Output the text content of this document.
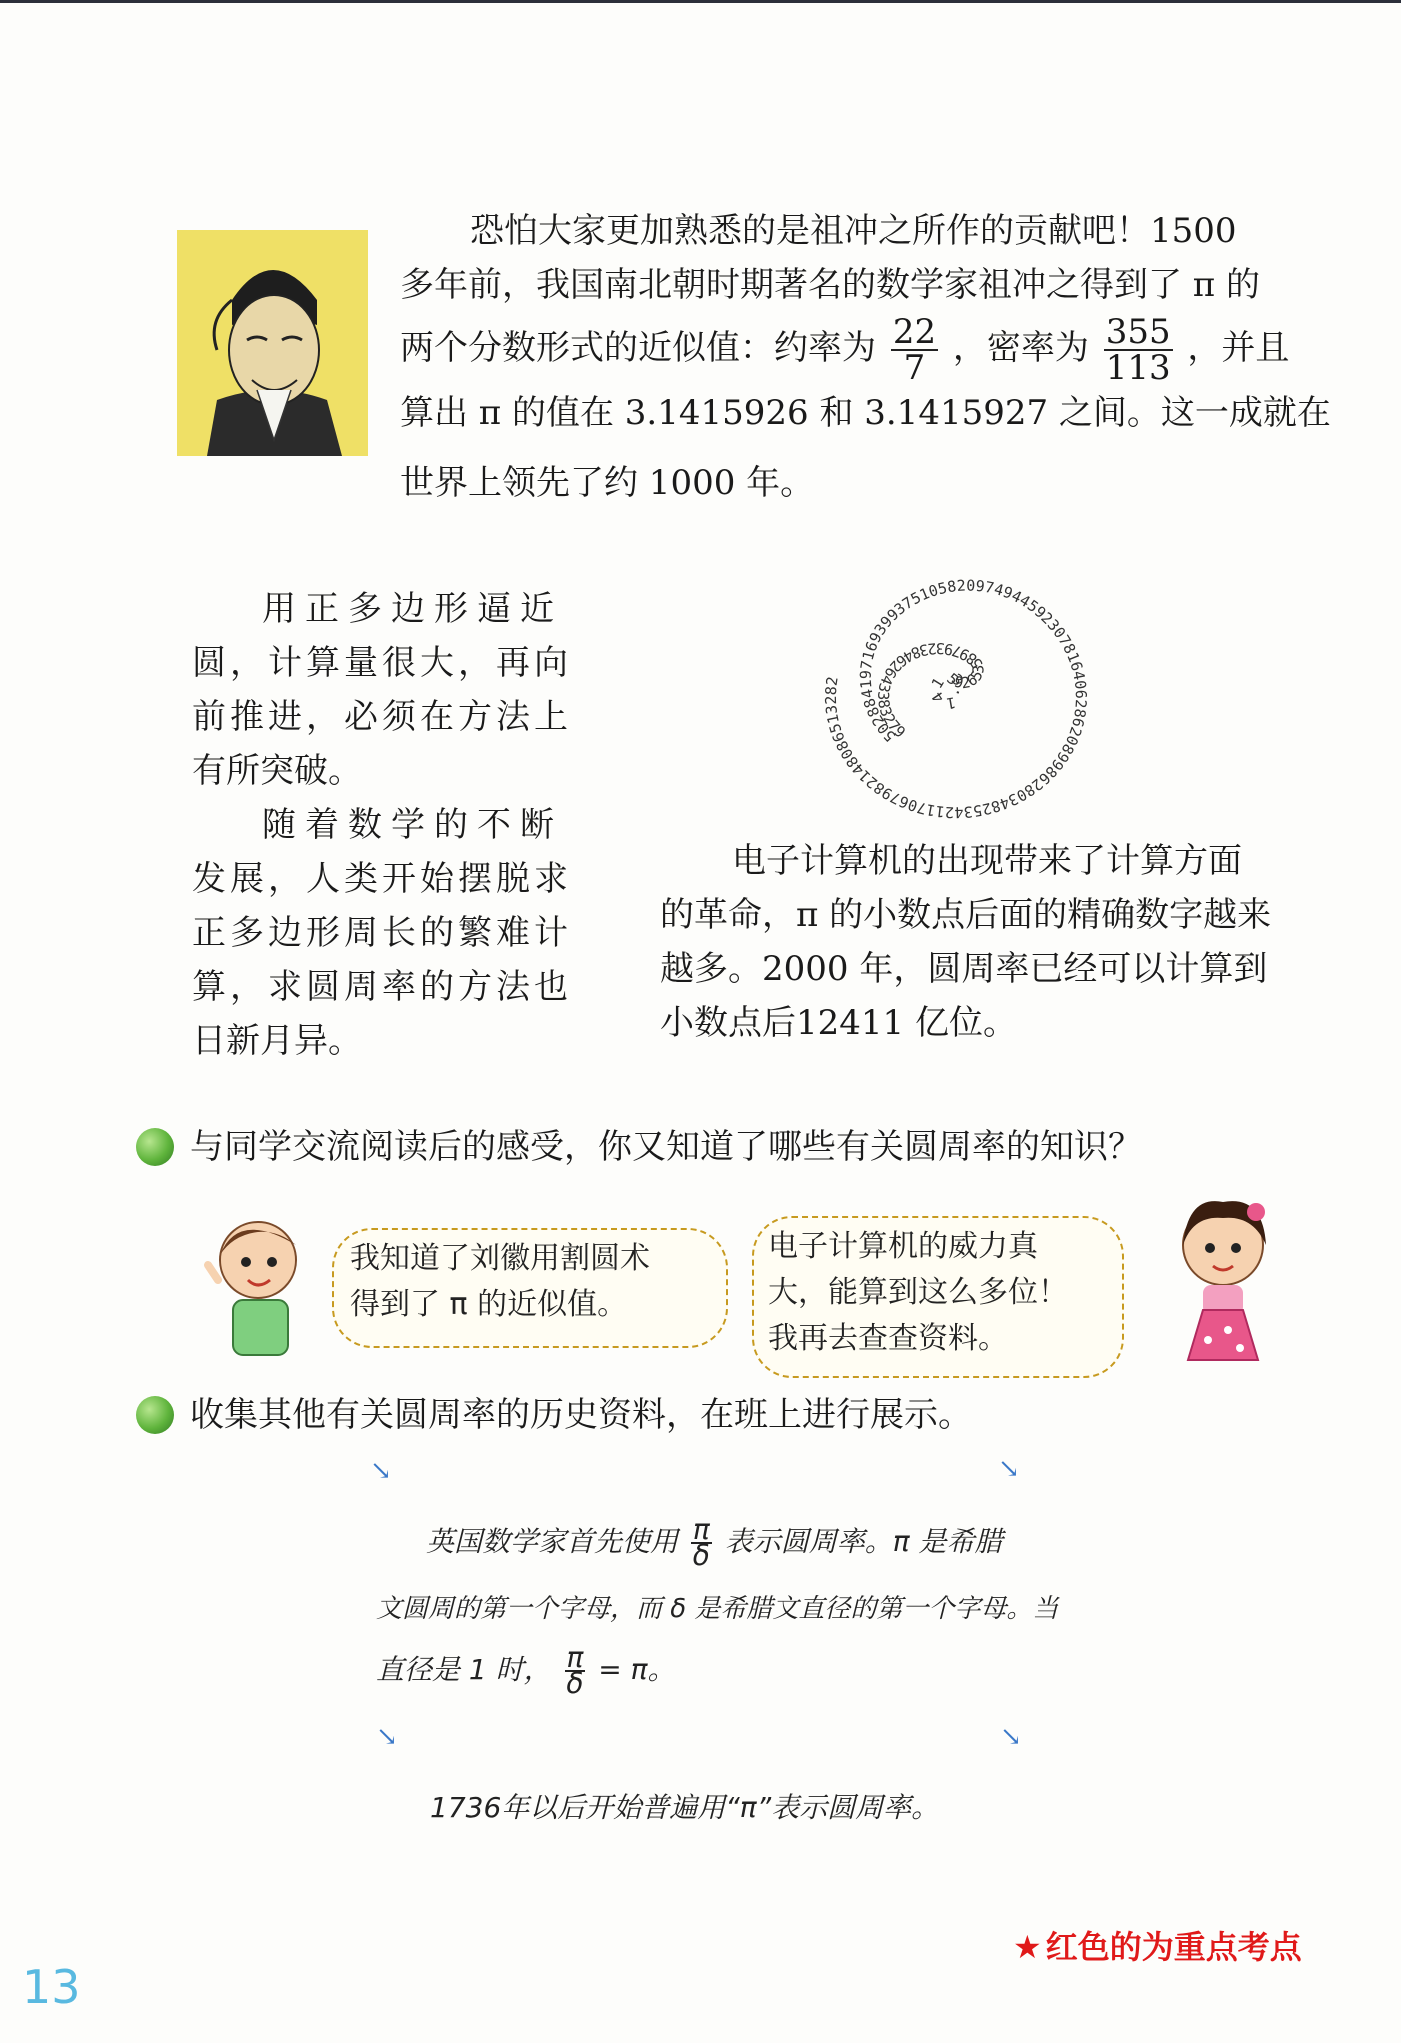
恐怕大家更加熟悉的是祖冲之所作的贡献吧！1500

多年前，我国南北朝时期著名的数学家祖冲之得到了 π 的

两个分数形式的近似值：约率为 $\frac{22}{7}$ ，密率为 $\frac{355}{113}$ ，并且

算出 π 的值在 3.1415926 和 3.1415927 之间。这一成就在

世界上领先了约 1000 年。

用正多边形逼近

圆，计算量很大，再向

前推进，必须在方法上

有所突破。

随着数学的不断

发展，人类开始摆脱求

正多边形周长的繁难计

算，求圆周率的方法也

日新月异。

3.141592653589793238462643383279502884197169399375105820974944592307816406286208998628034825342117067982148086513282

电子计算机的出现带来了计算方面

的革命，π 的小数点后面的精确数字越来

越多。2000 年，圆周率已经可以计算到

小数点后12411 亿位。

与同学交流阅读后的感受，你又知道了哪些有关圆周率的知识？

我知道了刘徽用割圆术
得到了 π 的近似值。
电子计算机的威力真
大，能算到这么多位！
我再去查查资料。

收集其他有关圆周率的历史资料，在班上进行展示。

↘	↘
英国数学家首先使用 $\frac{\pi}{\delta}$ 表示圆周率。π 是希腊
文圆周的第一个字母，而 δ 是希腊文直径的第一个字母。当
直径是 1 时， $\frac{\pi}{\delta} = \pi$。
↘	↘
1736年以后开始普遍用“π”表示圆周率。
★ 红色的为重点考点
13
